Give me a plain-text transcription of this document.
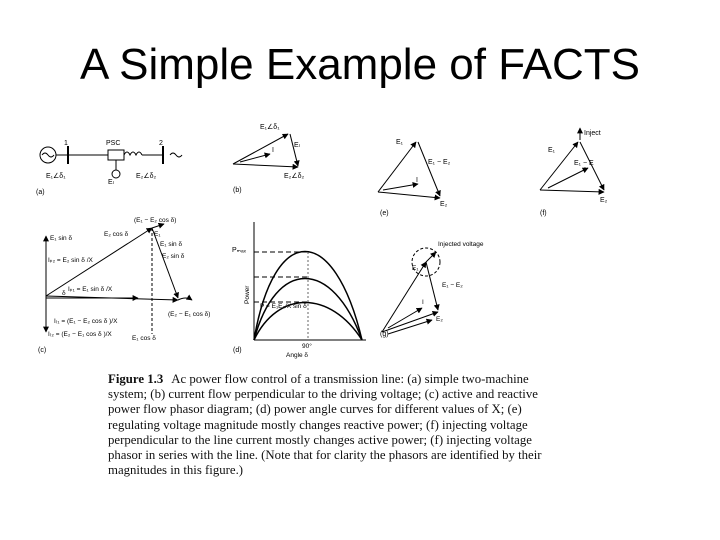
A Simple Example of FACTS
1	PSC	2
E₁∠δ₁
Eₗ
E₂∠δ₂
(a)
E₁∠δ₁
Eₗ
I
E₂∠δ₂
(b)
E₁
E₁ − E₂
I
E₂
(e)
Inject
E₁
I
E₁ − E
E₂
(f)
(E₁ − E₂ cos δ)
E₁ sin δ
E₂ cos δ	E₁
E₁ sin δ
E₂ sin δ
Iₚ₂ = E₂ sin δ /X
Iₚ₁ = E₁ sin δ /X
δ
I₍₁ = (E₁ − E₂ cos δ )/X
I₍₂ = (E₂ − E₁ cos δ )/X
E₁ cos δ
(E₂ − E₁ cos δ)
(c)
Pₘₐₓ
Power
P = E₁E₂/X sin δ
90°
Angle δ
(d)
Injected voltage
E₁
E₁ − E₂
I
E₂
(g)
Figure 1.3 Ac power flow control of a transmission line: (a) simple two-machine system; (b) current flow perpendicular to the driving voltage; (c) active and reactive power flow phasor diagram; (d) power angle curves for different values of X; (e) regulating voltage magnitude mostly changes reactive power; (f) injecting voltage perpendicular to the line current mostly changes active power; (f) injecting voltage phasor in series with the line. (Note that for clarity the phasors are identified by their magnitudes in this figure.)
